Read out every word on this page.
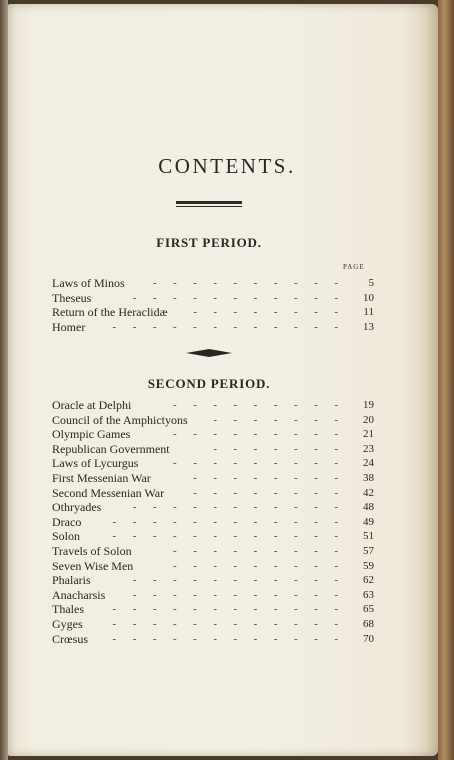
CONTENTS.
FIRST PERIOD.
PAGE
Laws of Minos	-  -  -  -  -  -  -  -  -  -	5
Theseus	-  -  -  -  -  -  -  -  -  -  -	10
Return of the Heraclidæ	-  -  -  -  -  -  -  -	11
Homer	-  -  -  -  -  -  -  -  -  -  -  -	13
SECOND PERIOD.
Oracle at Delphi	-  -  -  -  -  -  -  -  -	19
Council of the Amphictyons	-  -  -  -  -  -  -	20
Olympic Games	-  -  -  -  -  -  -  -  -	21
Republican Government	-  -  -  -  -  -  -	23
Laws of Lycurgus	-  -  -  -  -  -  -  -  -	24
First Messenian War	-  -  -  -  -  -  -  -	38
Second Messenian War	-  -  -  -  -  -  -  -	42
Othryades	-  -  -  -  -  -  -  -  -  -  -	48
Draco	-  -  -  -  -  -  -  -  -  -  -  -	49
Solon	-  -  -  -  -  -  -  -  -  -  -  -	51
Travels of Solon	-  -  -  -  -  -  -  -  -	57
Seven Wise Men	-  -  -  -  -  -  -  -  -	59
Phalaris	-  -  -  -  -  -  -  -  -  -  -	62
Anacharsis	-  -  -  -  -  -  -  -  -  -  -	63
Thales	-  -  -  -  -  -  -  -  -  -  -  -	65
Gyges	-  -  -  -  -  -  -  -  -  -  -  -	68
Crœsus	-  -  -  -  -  -  -  -  -  -  -  -	70
